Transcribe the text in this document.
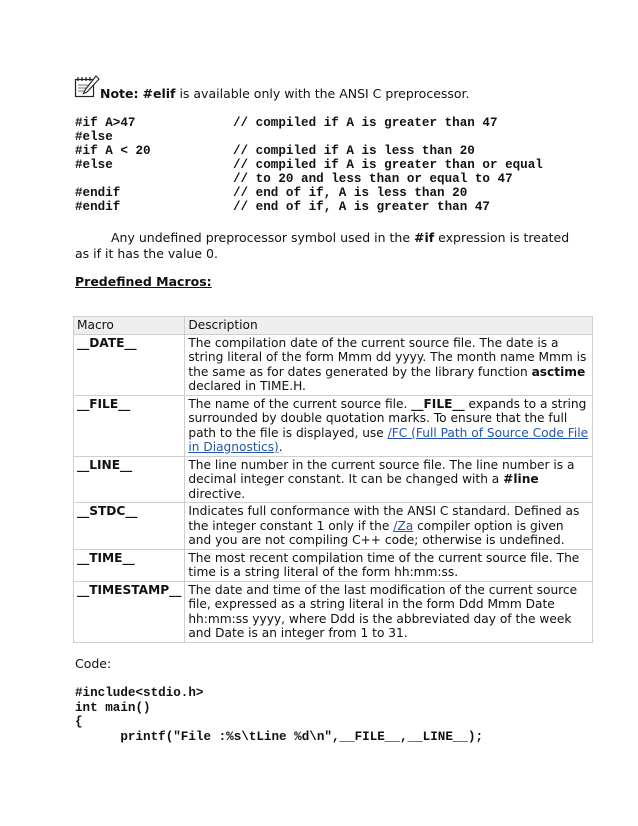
Note: #elif is available only with the ANSI C preprocessor.
#if A>47	// compiled if A is greater than 47
#else
#if A < 20	// compiled if A is less than 20
#else	// compiled if A is greater than or equal
// to 20 and less than or equal to 47
#endif	// end of if, A is less than 20
#endif	// end of if, A is greater than 47
Any undefined preprocessor symbol used in the #if expression is treated as if it has the value 0.
Predefined Macros:
Macro	Description
__DATE__	The compilation date of the current source file. The date is a string literal of the form Mmm dd yyyy. The month name Mmm is the same as for dates generated by the library function asctime declared in TIME.H.
__FILE__	The name of the current source file. __FILE__ expands to a string surrounded by double quotation marks. To ensure that the full path to the file is displayed, use /FC (Full Path of Source Code File in Diagnostics).
__LINE__	The line number in the current source file. The line number is a decimal integer constant. It can be changed with a #line directive.
__STDC__	Indicates full conformance with the ANSI C standard. Defined as the integer constant 1 only if the /Za compiler option is given and you are not compiling C++ code; otherwise is undefined.
__TIME__	The most recent compilation time of the current source file. The time is a string literal of the form hh:mm:ss.
__TIMESTAMP__	The date and time of the last modification of the current source file, expressed as a string literal in the form Ddd Mmm Date hh:mm:ss yyyy, where Ddd is the abbreviated day of the week and Date is an integer from 1 to 31.
Code:
#include<stdio.h>
int main()
{
printf("File :%s\tLine %d\n",__FILE__,__LINE__);
